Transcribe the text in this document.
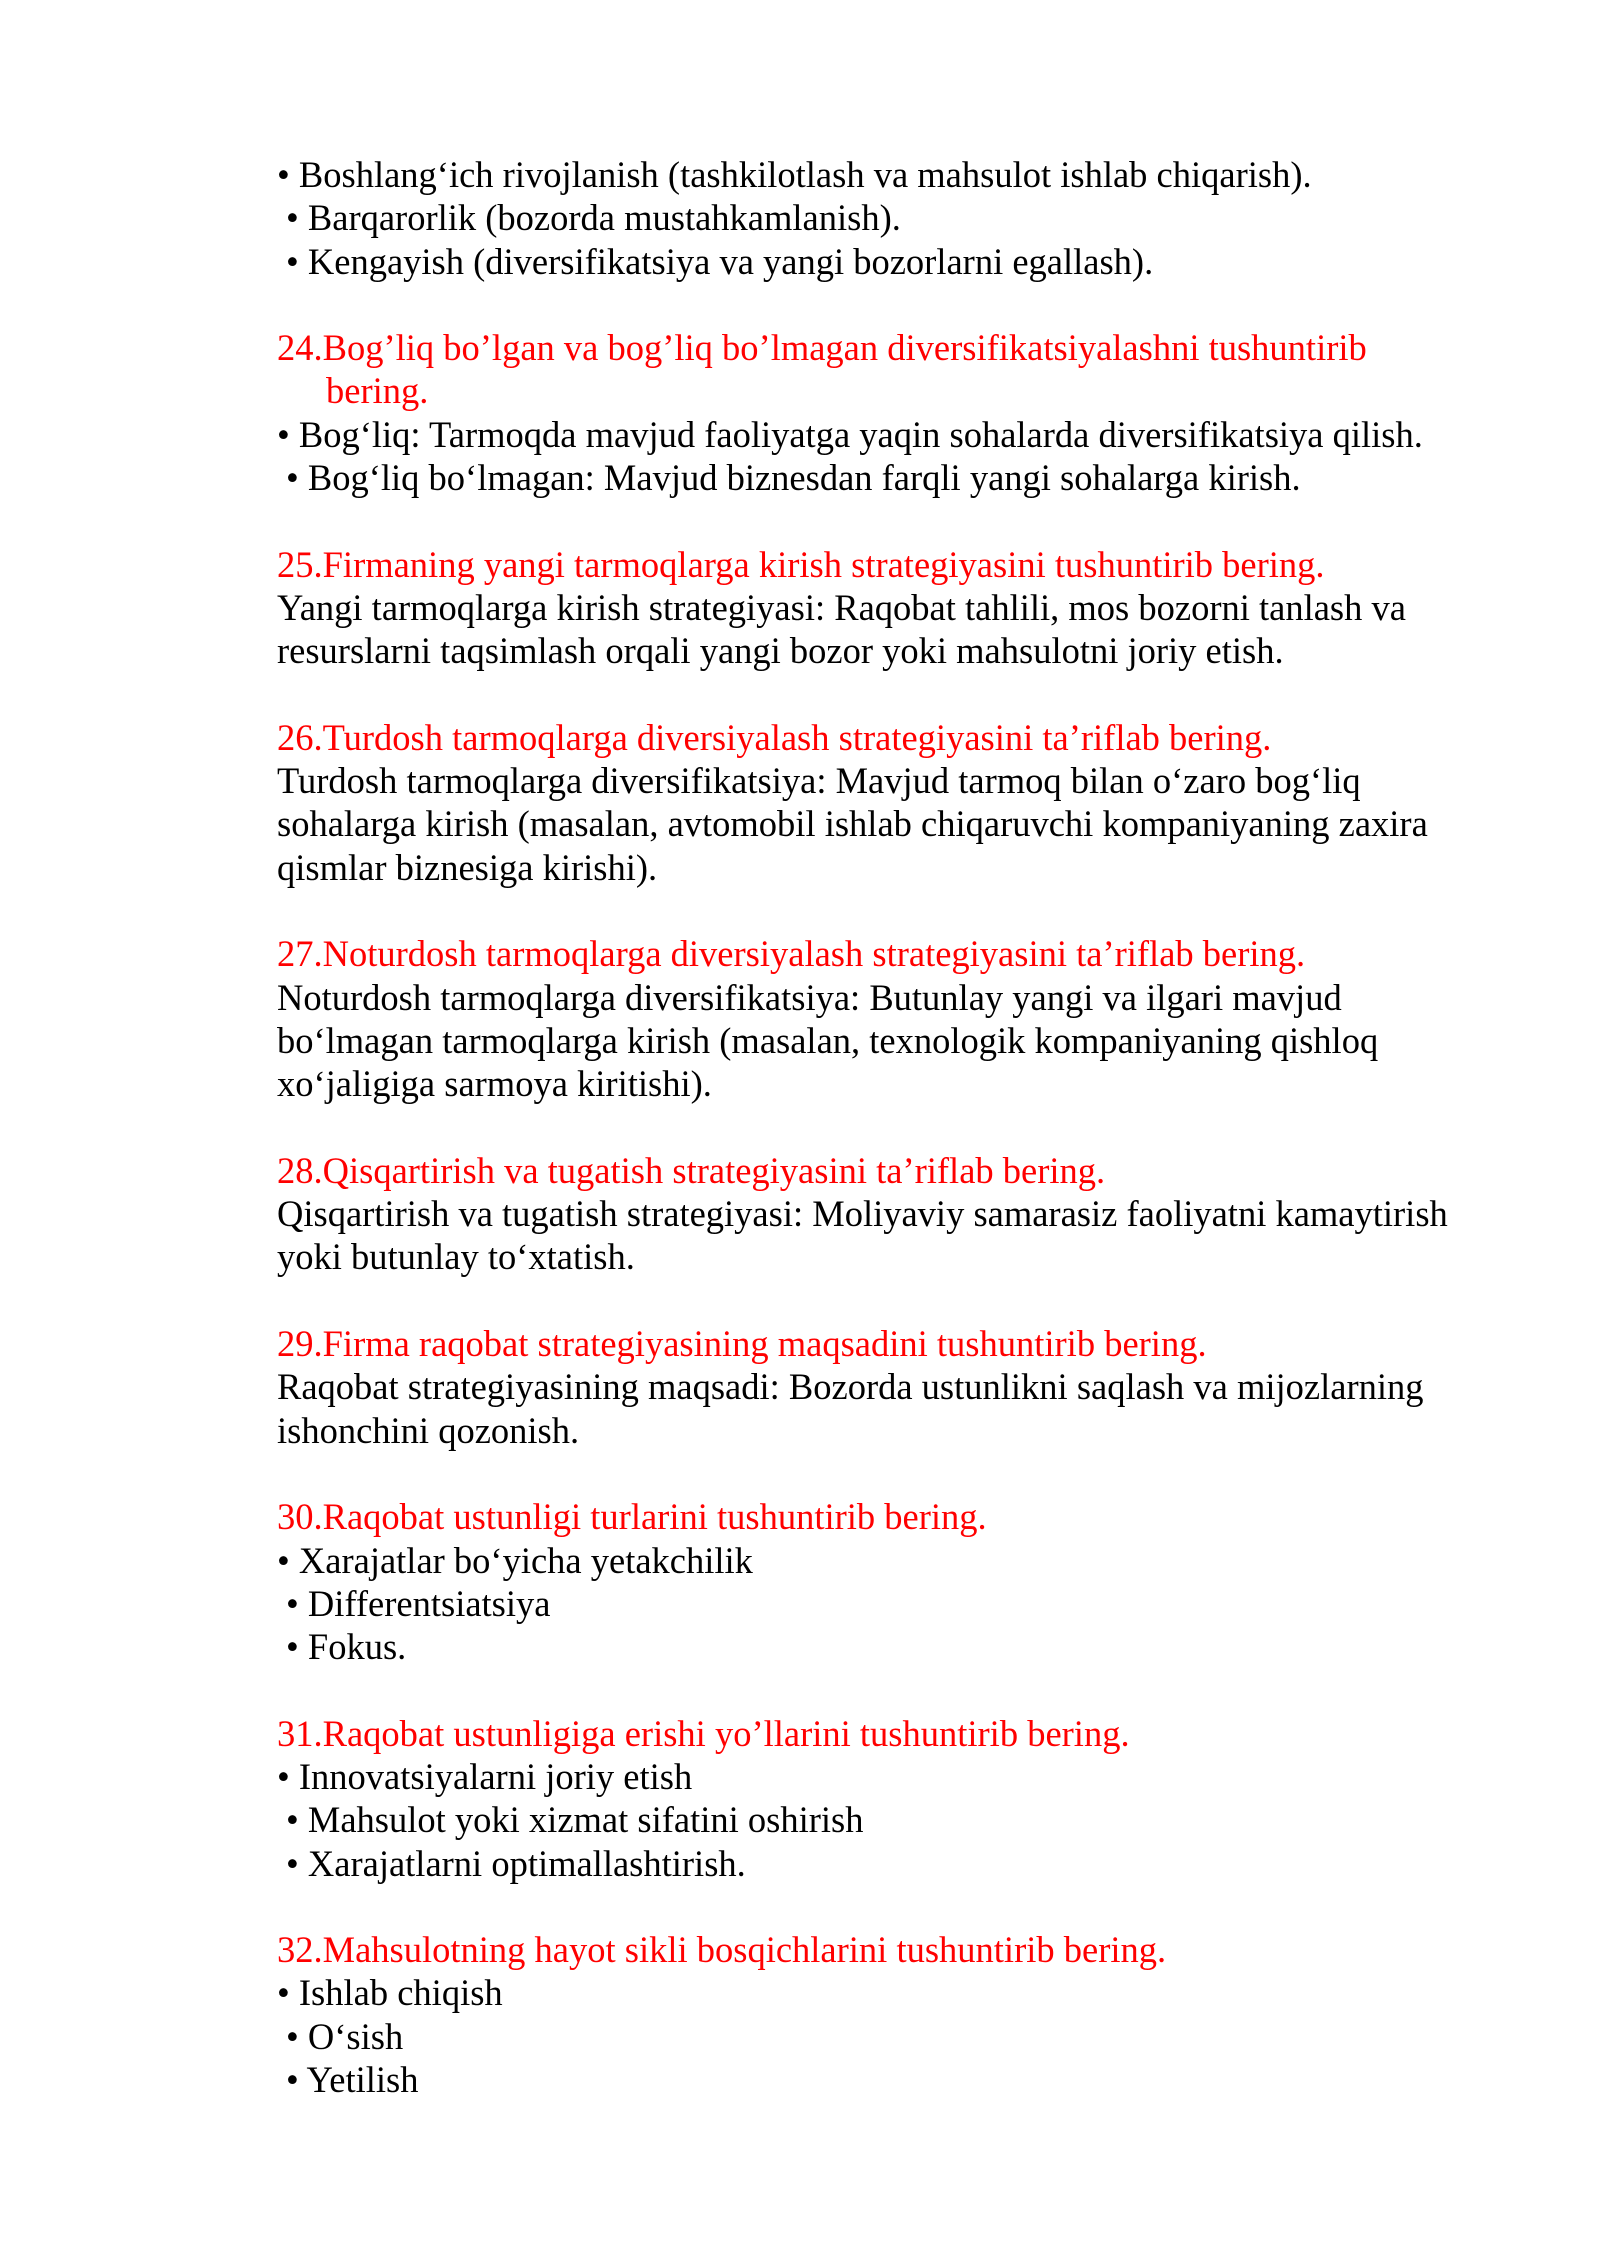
• Boshlang‘ich rivojlanish (tashkilotlash va mahsulot ishlab chiqarish).
• Barqarorlik (bozorda mustahkamlanish).
• Kengayish (diversifikatsiya va yangi bozorlarni egallash).
24.Bog’liq bo’lgan va bog’liq bo’lmagan diversifikatsiyalashni tushuntirib
bering.
• Bog‘liq: Tarmoqda mavjud faoliyatga yaqin sohalarda diversifikatsiya qilish.
• Bog‘liq bo‘lmagan: Mavjud biznesdan farqli yangi sohalarga kirish.
25.Firmaning yangi tarmoqlarga kirish strategiyasini tushuntirib bering.
Yangi tarmoqlarga kirish strategiyasi: Raqobat tahlili, mos bozorni tanlash va
resurslarni taqsimlash orqali yangi bozor yoki mahsulotni joriy etish.
26.Turdosh tarmoqlarga diversiyalash strategiyasini ta’riflab bering.
Turdosh tarmoqlarga diversifikatsiya: Mavjud tarmoq bilan o‘zaro bog‘liq
sohalarga kirish (masalan, avtomobil ishlab chiqaruvchi kompaniyaning zaxira
qismlar biznesiga kirishi).
27.Noturdosh tarmoqlarga diversiyalash strategiyasini ta’riflab bering.
Noturdosh tarmoqlarga diversifikatsiya: Butunlay yangi va ilgari mavjud
bo‘lmagan tarmoqlarga kirish (masalan, texnologik kompaniyaning qishloq
xo‘jaligiga sarmoya kiritishi).
28.Qisqartirish va tugatish strategiyasini ta’riflab bering.
Qisqartirish va tugatish strategiyasi: Moliyaviy samarasiz faoliyatni kamaytirish
yoki butunlay to‘xtatish.
29.Firma raqobat strategiyasining maqsadini tushuntirib bering.
Raqobat strategiyasining maqsadi: Bozorda ustunlikni saqlash va mijozlarning
ishonchini qozonish.
30.Raqobat ustunligi turlarini tushuntirib bering.
• Xarajatlar bo‘yicha yetakchilik
• Differentsiatsiya
• Fokus.
31.Raqobat ustunligiga erishi yo’llarini tushuntirib bering.
• Innovatsiyalarni joriy etish
• Mahsulot yoki xizmat sifatini oshirish
• Xarajatlarni optimallashtirish.
32.Mahsulotning hayot sikli bosqichlarini tushuntirib bering.
• Ishlab chiqish
• O‘sish
• Yetilish
